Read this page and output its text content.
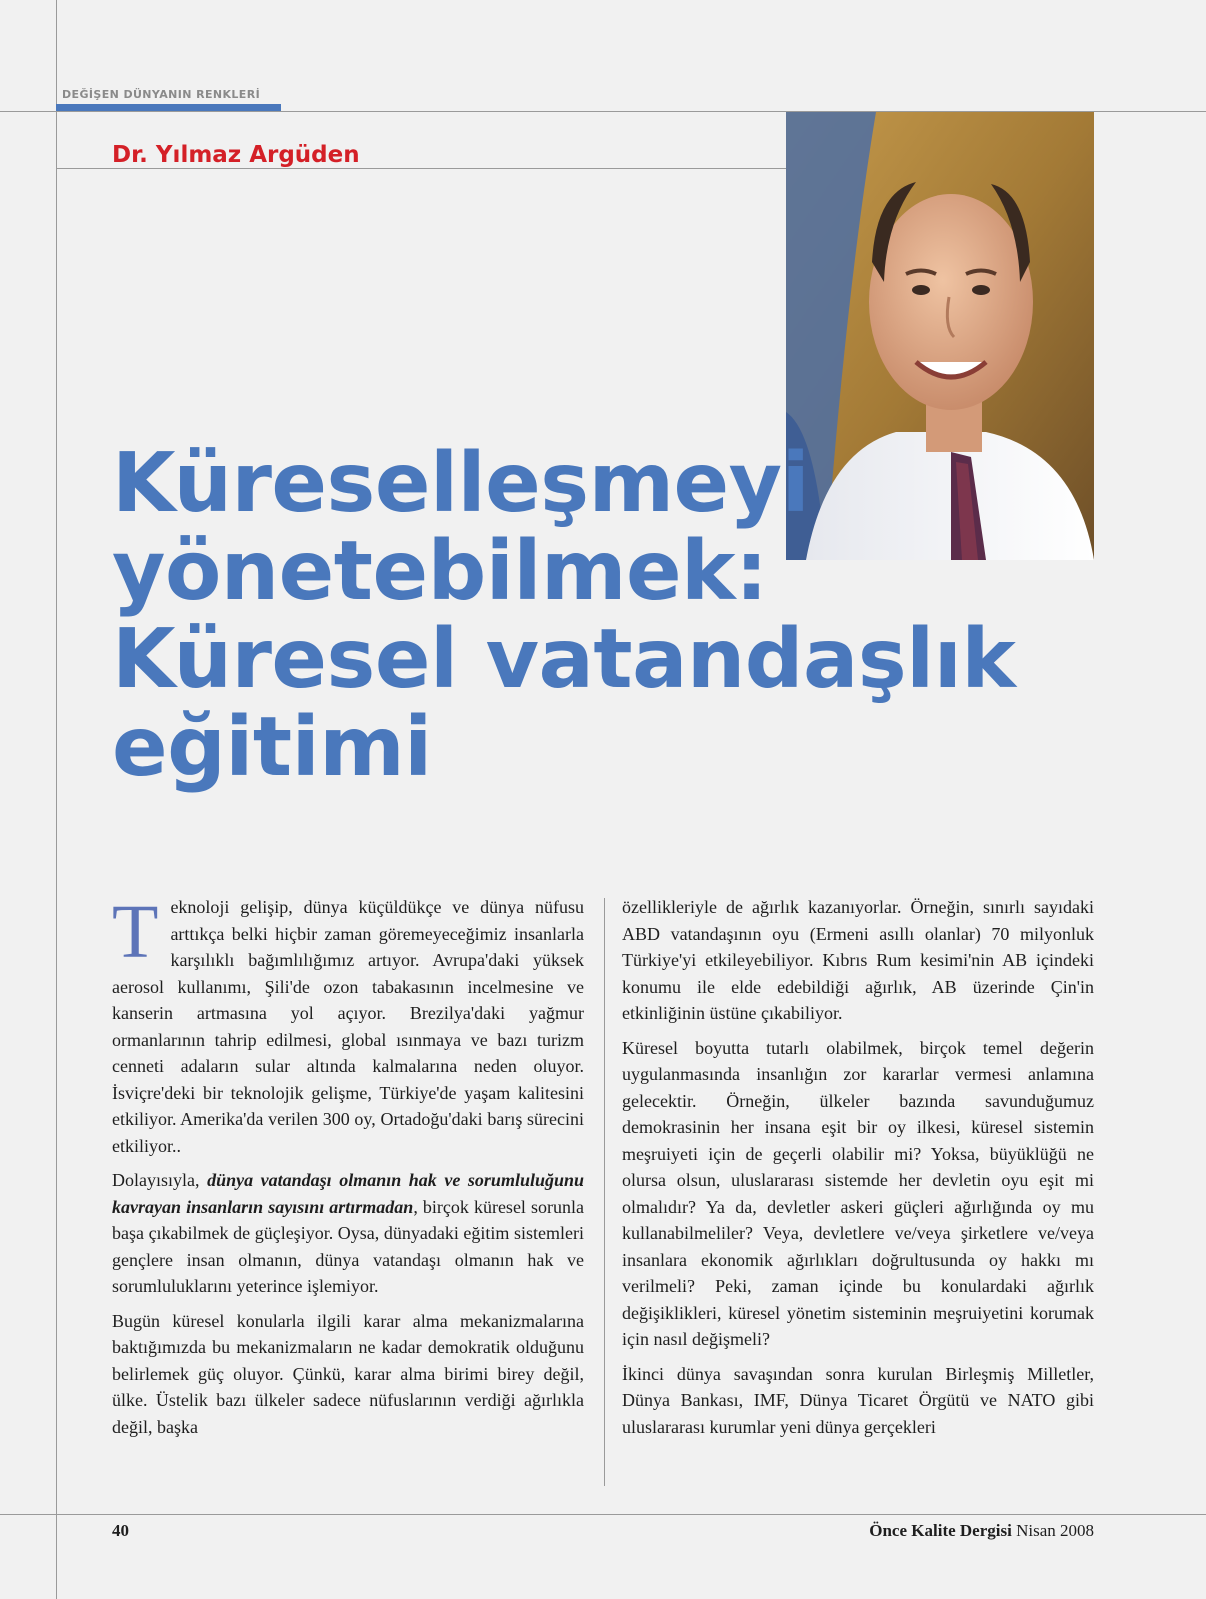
DEĞİŞEN DÜNYANIN RENKLERİ
Dr. Yılmaz Argüden
Küreselleşmeyi
yönetebilmek:
Küresel vatandaşlık
eğitimi

Teknoloji gelişip, dünya küçüldükçe ve dünya nüfusu arttıkça belki hiçbir zaman göremeyeceğimiz insanlarla karşılıklı bağımlılığımız artıyor. Avrupa'daki yüksek aerosol kullanımı, Şili'de ozon tabakasının incelmesine ve kanserin artmasına yol açıyor. Brezilya'daki yağmur ormanlarının tahrip edilmesi, global ısınmaya ve bazı turizm cenneti adaların sular altında kalmalarına neden oluyor. İsviçre'deki bir teknolojik gelişme, Türkiye'de yaşam kalitesini etkiliyor. Amerika'da verilen 300 oy, Ortadoğu'daki barış sürecini etkiliyor..

Dolayısıyla, dünya vatandaşı olmanın hak ve sorumluluğunu kavrayan insanların sayısını artırmadan, birçok küresel sorunla başa çıkabilmek de güçleşiyor. Oysa, dünyadaki eğitim sistemleri gençlere insan olmanın, dünya vatandaşı olmanın hak ve sorumluluklarını yeterince işlemiyor.

Bugün küresel konularla ilgili karar alma mekanizmalarına baktığımızda bu mekanizmaların ne kadar demokratik olduğunu belirlemek güç oluyor. Çünkü, karar alma birimi birey değil, ülke. Üstelik bazı ülkeler sadece nüfuslarının verdiği ağırlıkla değil, başka

özellikleriyle de ağırlık kazanıyorlar. Örneğin, sınırlı sayıdaki ABD vatandaşının oyu (Ermeni asıllı olanlar) 70 milyonluk Türkiye'yi etkileyebiliyor. Kıbrıs Rum kesimi'nin AB içindeki konumu ile elde edebildiği ağırlık, AB üzerinde Çin'in etkinliğinin üstüne çıkabiliyor.

Küresel boyutta tutarlı olabilmek, birçok temel değerin uygulanmasında insanlığın zor kararlar vermesi anlamına gelecektir. Örneğin, ülkeler bazında savunduğumuz demokrasinin her insana eşit bir oy ilkesi, küresel sistemin meşruiyeti için de geçerli olabilir mi? Yoksa, büyüklüğü ne olursa olsun, uluslararası sistemde her devletin oyu eşit mi olmalıdır? Ya da, devletler askeri güçleri ağırlığında oy mu kullanabilmeliler? Veya, devletlere ve/veya şirketlere ve/veya insanlara ekonomik ağırlıkları doğrultusunda oy hakkı mı verilmeli? Peki, zaman içinde bu konulardaki ağırlık değişiklikleri, küresel yönetim sisteminin meşruiyetini korumak için nasıl değişmeli?

İkinci dünya savaşından sonra kurulan Birleşmiş Milletler, Dünya Bankası, IMF, Dünya Ticaret Örgütü ve NATO gibi uluslararası kurumlar yeni dünya gerçekleri

40	Önce Kalite Dergisi Nisan 2008
